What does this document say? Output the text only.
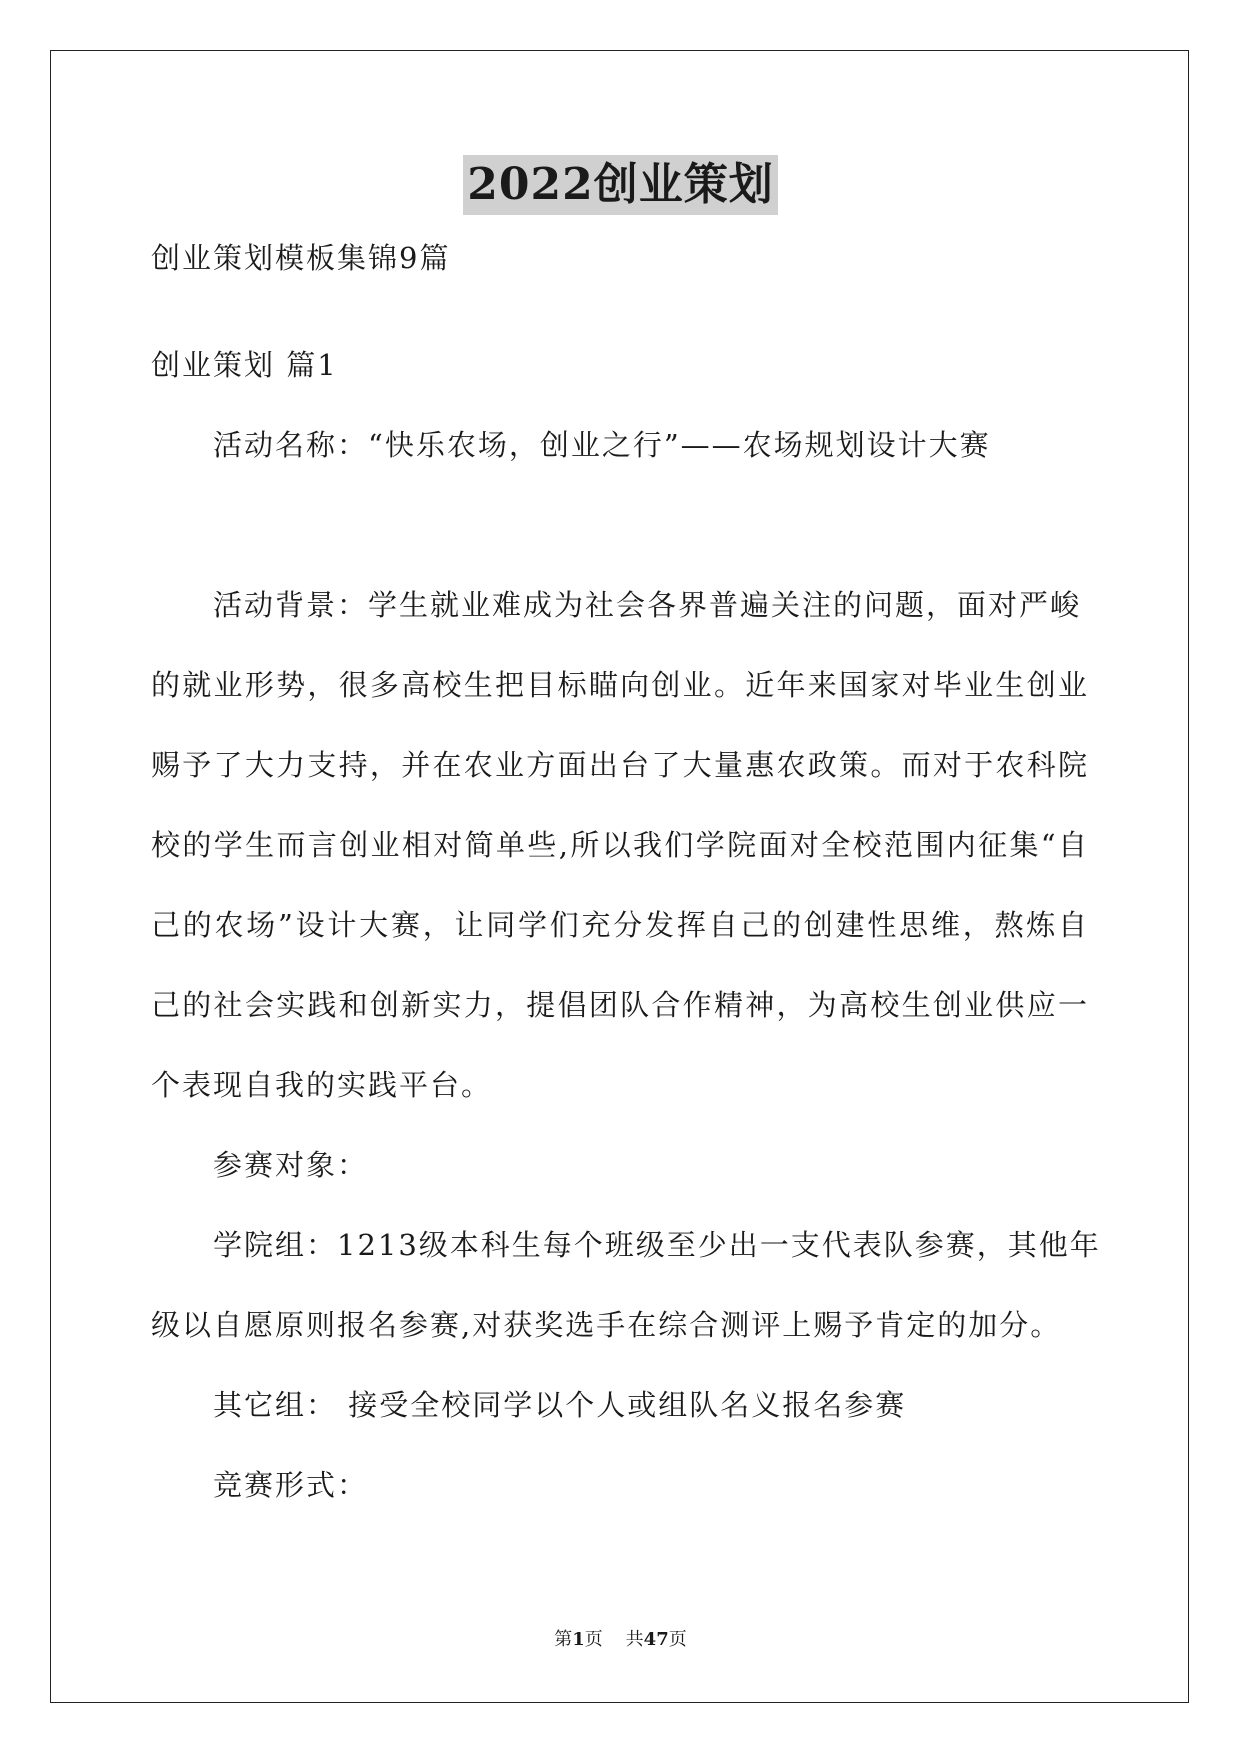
2022创业策划
创业策划模板集锦9篇
创业策划 篇1
活动名称：“快乐农场，创业之行”——农场规划设计大赛
活动背景：学生就业难成为社会各界普遍关注的问题，面对严峻
的就业形势，很多高校生把目标瞄向创业。近年来国家对毕业生创业
赐予了大力支持，并在农业方面出台了大量惠农政策。而对于农科院
校的学生而言创业相对简单些,所以我们学院面对全校范围内征集“自
己的农场”设计大赛，让同学们充分发挥自己的创建性思维，熬炼自
己的社会实践和创新实力，提倡团队合作精神，为高校生创业供应一
个表现自我的实践平台。
参赛对象：
学院组：1213级本科生每个班级至少出一支代表队参赛，其他年
级以自愿原则报名参赛,对获奖选手在综合测评上赐予肯定的加分。
其它组： 接受全校同学以个人或组队名义报名参赛
竞赛形式：
第1页    共47页
